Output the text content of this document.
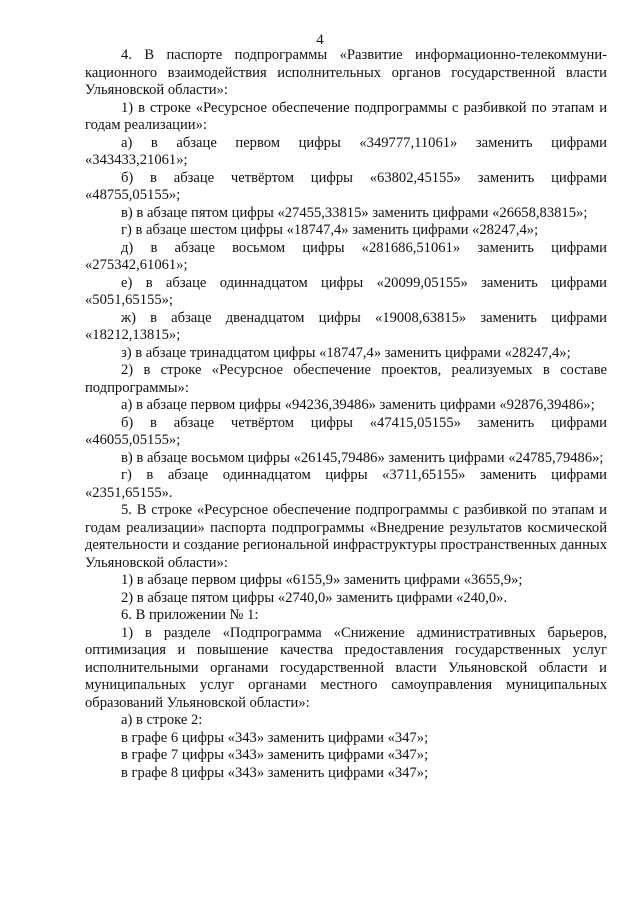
4

4. В паспорте подпрограммы «Развитие информационно-телекоммуни-

кационного взаимодействия исполнительных органов государственной власти

Ульяновской области»:

1) в строке «Ресурсное обеспечение подпрограммы с разбивкой по этапам и годам реализации»:

а) в абзаце первом цифры «349777,11061» заменить цифрами «343433,21061»;

б) в абзаце четвёртом цифры «63802,45155» заменить цифрами «48755,05155»;

в) в абзаце пятом цифры «27455,33815» заменить цифрами «26658,83815»;

г) в абзаце шестом цифры «18747,4» заменить цифрами «28247,4»;

д) в абзаце восьмом цифры «281686,51061» заменить цифрами «275342,61061»;

е) в абзаце одиннадцатом цифры «20099,05155» заменить цифрами «5051,65155»;

ж) в абзаце двенадцатом цифры «19008,63815» заменить цифрами «18212,13815»;

з) в абзаце тринадцатом цифры «18747,4» заменить цифрами «28247,4»;

2) в строке «Ресурсное обеспечение проектов, реализуемых в составе подпрограммы»:

а) в абзаце первом цифры «94236,39486» заменить цифрами «92876,39486»;

б) в абзаце четвёртом цифры «47415,05155» заменить цифрами «46055,05155»;

в) в абзаце восьмом цифры «26145,79486» заменить цифрами «24785,79486»;

г) в абзаце одиннадцатом цифры «3711,65155» заменить цифрами «2351,65155».

5. В строке «Ресурсное обеспечение подпрограммы с разбивкой по этапам и годам реализации» паспорта подпрограммы «Внедрение результатов космической деятельности и создание региональной инфраструктуры пространственных данных Ульяновской области»:

1) в абзаце первом цифры «6155,9» заменить цифрами «3655,9»;

2) в абзаце пятом цифры «2740,0» заменить цифрами «240,0».

6. В приложении № 1:

1) в разделе «Подпрограмма «Снижение административных барьеров, оптимизация и повышение качества предоставления государственных услуг исполнительными органами государственной власти Ульяновской области и муниципальных услуг органами местного самоуправления муниципальных образований Ульяновской области»:

а) в строке 2:

в графе 6 цифры «343» заменить цифрами «347»;

в графе 7 цифры «343» заменить цифрами «347»;

в графе 8 цифры «343» заменить цифрами «347»;
